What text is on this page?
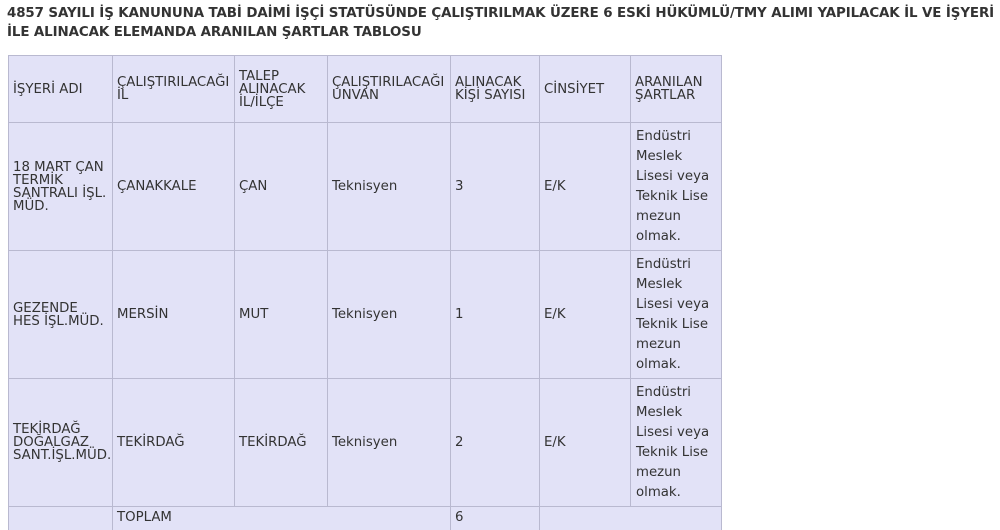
4857 SAYILI İŞ KANUNUNA TABİ DAİMİ İŞÇİ STATÜSÜNDE ÇALIŞTIRILMAK ÜZERE 6 ESKİ HÜKÜMLÜ/TMY ALIMI YAPILACAK İL VE İŞYERİ İLE ALINACAK ELEMANDA ARANILAN ŞARTLAR TABLOSU

İŞYERİ ADI	ÇALIŞTIRILACAĞI İL	TALEP ALINACAK İL/İLÇE	ÇALIŞTIRILACAĞI UNVAN	ALINACAK KİŞİ SAYISI	CİNSİYET	ARANILAN ŞARTLAR
18 MART ÇAN TERMİK SANTRALI İŞL. MÜD.	ÇANAKKALE	ÇAN	Teknisyen	3	E/K	Endüstri Meslek Lisesi veya Teknik Lise mezun olmak.
GEZENDE HES İŞL.MÜD.	MERSİN	MUT	Teknisyen	1	E/K	Endüstri Meslek Lisesi veya Teknik Lise mezun olmak.
TEKİRDAĞ DOĞALGAZ SANT.İŞL.MÜD.	TEKİRDAĞ	TEKİRDAĞ	Teknisyen	2	E/K	Endüstri Meslek Lisesi veya Teknik Lise mezun olmak.
	TOPLAM			6		
